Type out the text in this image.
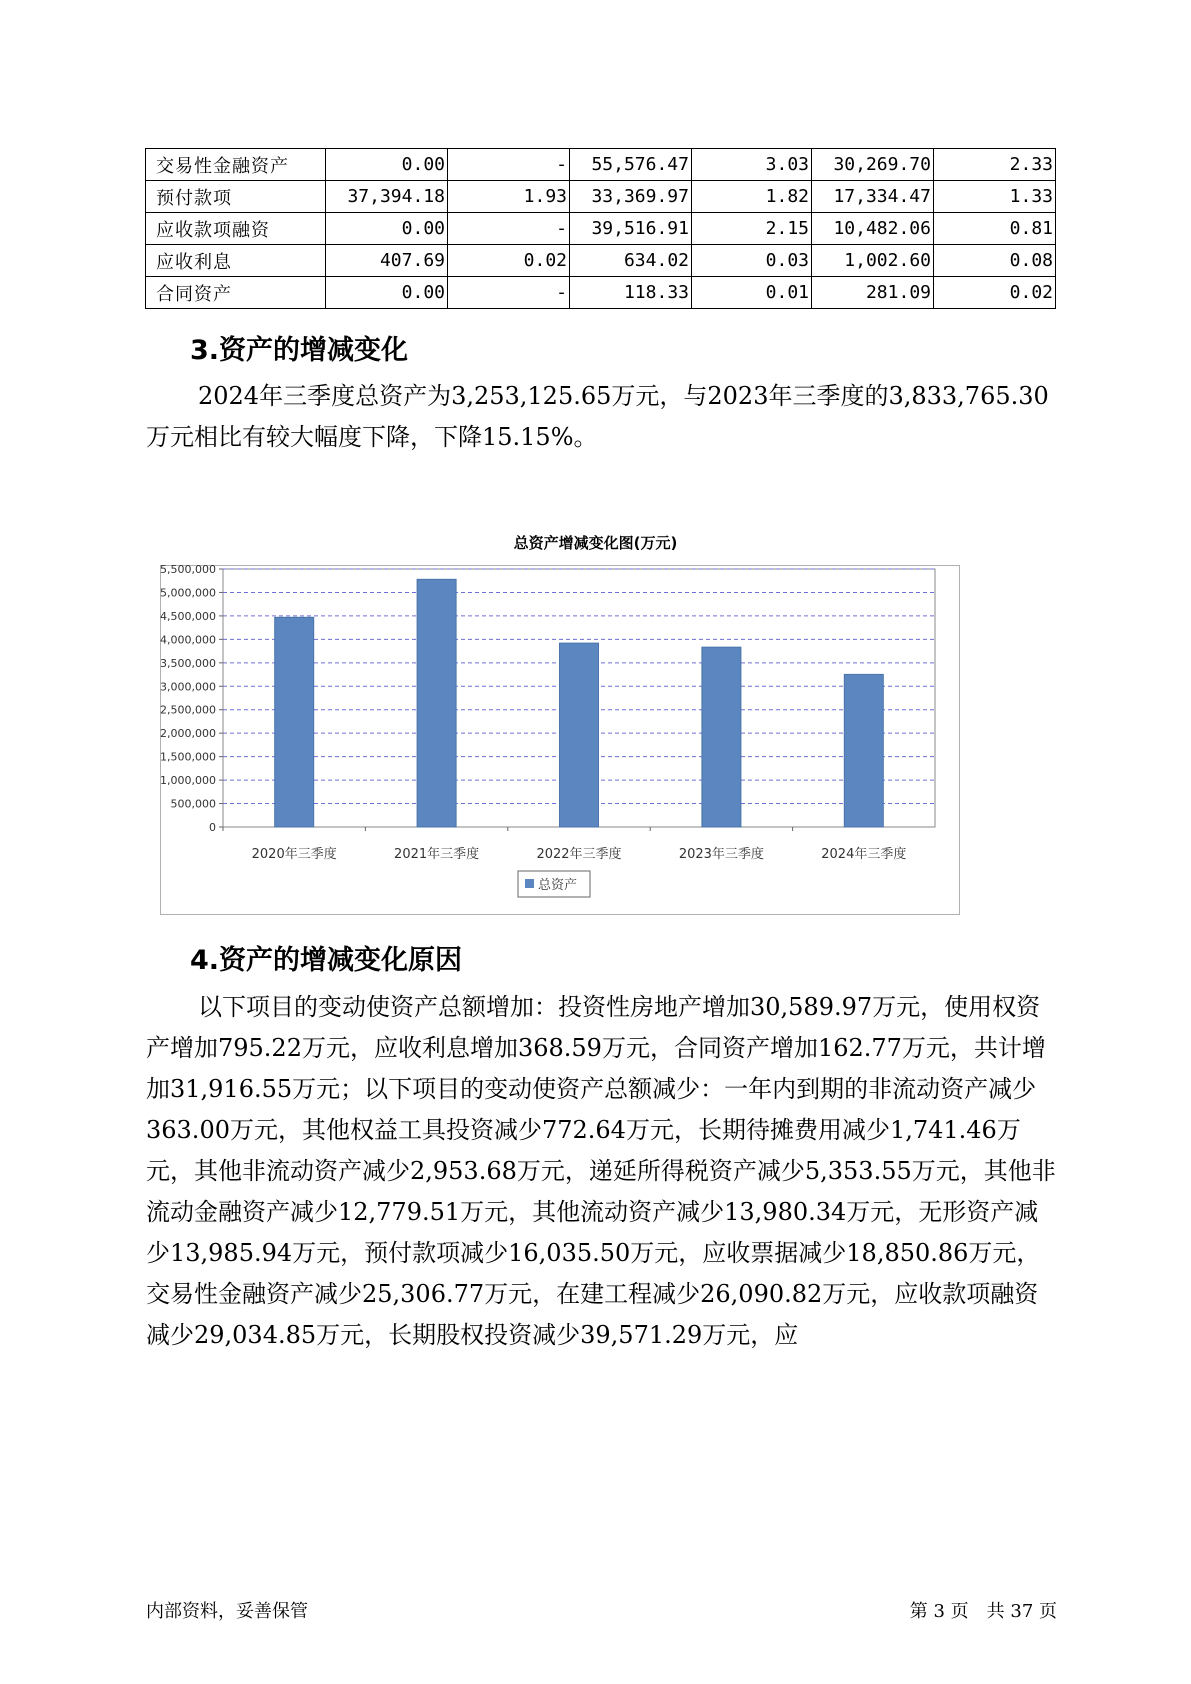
交易性金融资产	0.00	-	55,576.47	3.03	30,269.70	2.33
预付款项	37,394.18	1.93	33,369.97	1.82	17,334.47	1.33
应收款项融资	0.00	-	39,516.91	2.15	10,482.06	0.81
应收利息	407.69	0.02	634.02	0.03	1,002.60	0.08
合同资产	0.00	-	118.33	0.01	281.09	0.02
3.资产的增减变化

2024年三季度总资产为3,253,125.65万元，与2023年三季度的3,833,765.30万元相比有较大幅度下降，下降15.15%。

总资产增减变化图(万元)
0
500,000
1,000,000
1,500,000
2,000,000
2,500,000
3,000,000
3,500,000
4,000,000
4,500,000
5,000,000
5,500,000
2020年三季度	2021年三季度	2022年三季度	2023年三季度	2024年三季度
总资产
4.资产的增减变化原因

以下项目的变动使资产总额增加：投资性房地产增加30,589.97万元，使用权资产增加795.22万元，应收利息增加368.59万元，合同资产增加162.77万元，共计增加31,916.55万元；以下项目的变动使资产总额减少：一年内到期的非流动资产减少363.00万元，其他权益工具投资减少772.64万元，长期待摊费用减少1,741.46万元，其他非流动资产减少2,953.68万元，递延所得税资产减少5,353.55万元，其他非流动金融资产减少12,779.51万元，其他流动资产减少13,980.34万元，无形资产减少13,985.94万元，预付款项减少16,035.50万元，应收票据减少18,850.86万元，交易性金融资产减少25,306.77万元，在建工程减少26,090.82万元，应收款项融资减少29,034.85万元，长期股权投资减少39,571.29万元，应

内部资料，妥善保管	第 3 页　共 37 页
